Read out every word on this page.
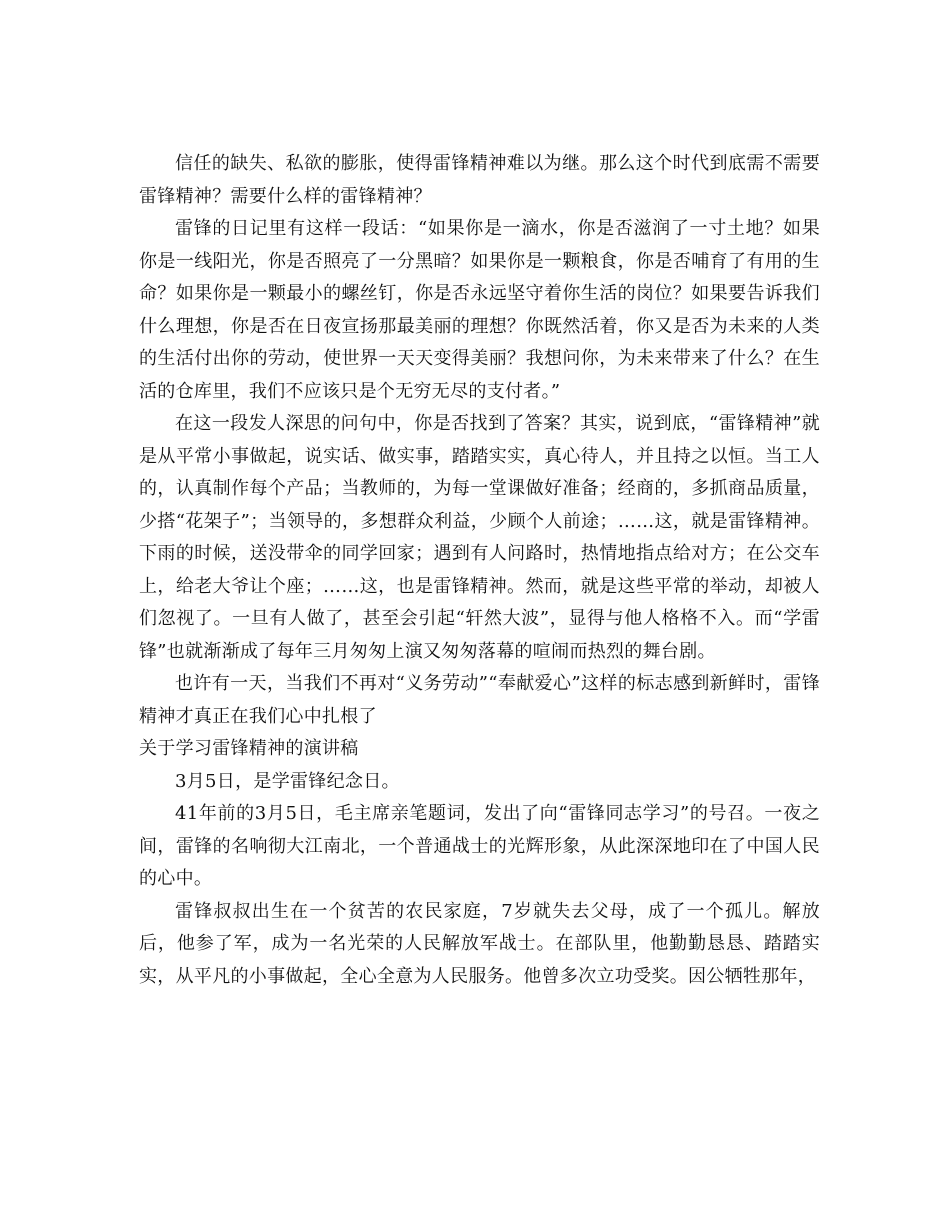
信任的缺失、私欲的膨胀，使得雷锋精神难以为继。那么这个时代到底需不需要雷锋精神？需要什么样的雷锋精神？

雷锋的日记里有这样一段话：“如果你是一滴水，你是否滋润了一寸土地？如果你是一线阳光，你是否照亮了一分黑暗？如果你是一颗粮食，你是否哺育了有用的生命？如果你是一颗最小的螺丝钉，你是否永远坚守着你生活的岗位？如果要告诉我们什么理想，你是否在日夜宣扬那最美丽的理想？你既然活着，你又是否为未来的人类的生活付出你的劳动，使世界一天天变得美丽？我想问你，为未来带来了什么？在生活的仓库里，我们不应该只是个无穷无尽的支付者。”

在这一段发人深思的问句中，你是否找到了答案？其实，说到底，“雷锋精神”就是从平常小事做起，说实话、做实事，踏踏实实，真心待人，并且持之以恒。当工人的，认真制作每个产品；当教师的，为每一堂课做好准备；经商的，多抓商品质量，少搭“花架子”；当领导的，多想群众利益，少顾个人前途；……这，就是雷锋精神。下雨的时候，送没带伞的同学回家；遇到有人问路时，热情地指点给对方；在公交车上，给老大爷让个座；……这，也是雷锋精神。然而，就是这些平常的举动，却被人们忽视了。一旦有人做了，甚至会引起“轩然大波”，显得与他人格格不入。而“学雷锋”也就渐渐成了每年三月匆匆上演又匆匆落幕的喧闹而热烈的舞台剧。

也许有一天，当我们不再对“义务劳动”“奉献爱心”这样的标志感到新鲜时，雷锋精神才真正在我们心中扎根了

关于学习雷锋精神的演讲稿

3月5日，是学雷锋纪念日。

41年前的3月5日，毛主席亲笔题词，发出了向“雷锋同志学习”的号召。一夜之间，雷锋的名响彻大江南北，一个普通战士的光辉形象，从此深深地印在了中国人民的心中。

雷锋叔叔出生在一个贫苦的农民家庭，7岁就失去父母，成了一个孤儿。解放后，他参了军，成为一名光荣的人民解放军战士。在部队里，他勤勤恳恳、踏踏实实，从平凡的小事做起，全心全意为人民服务。他曾多次立功受奖。因公牺牲那年，
